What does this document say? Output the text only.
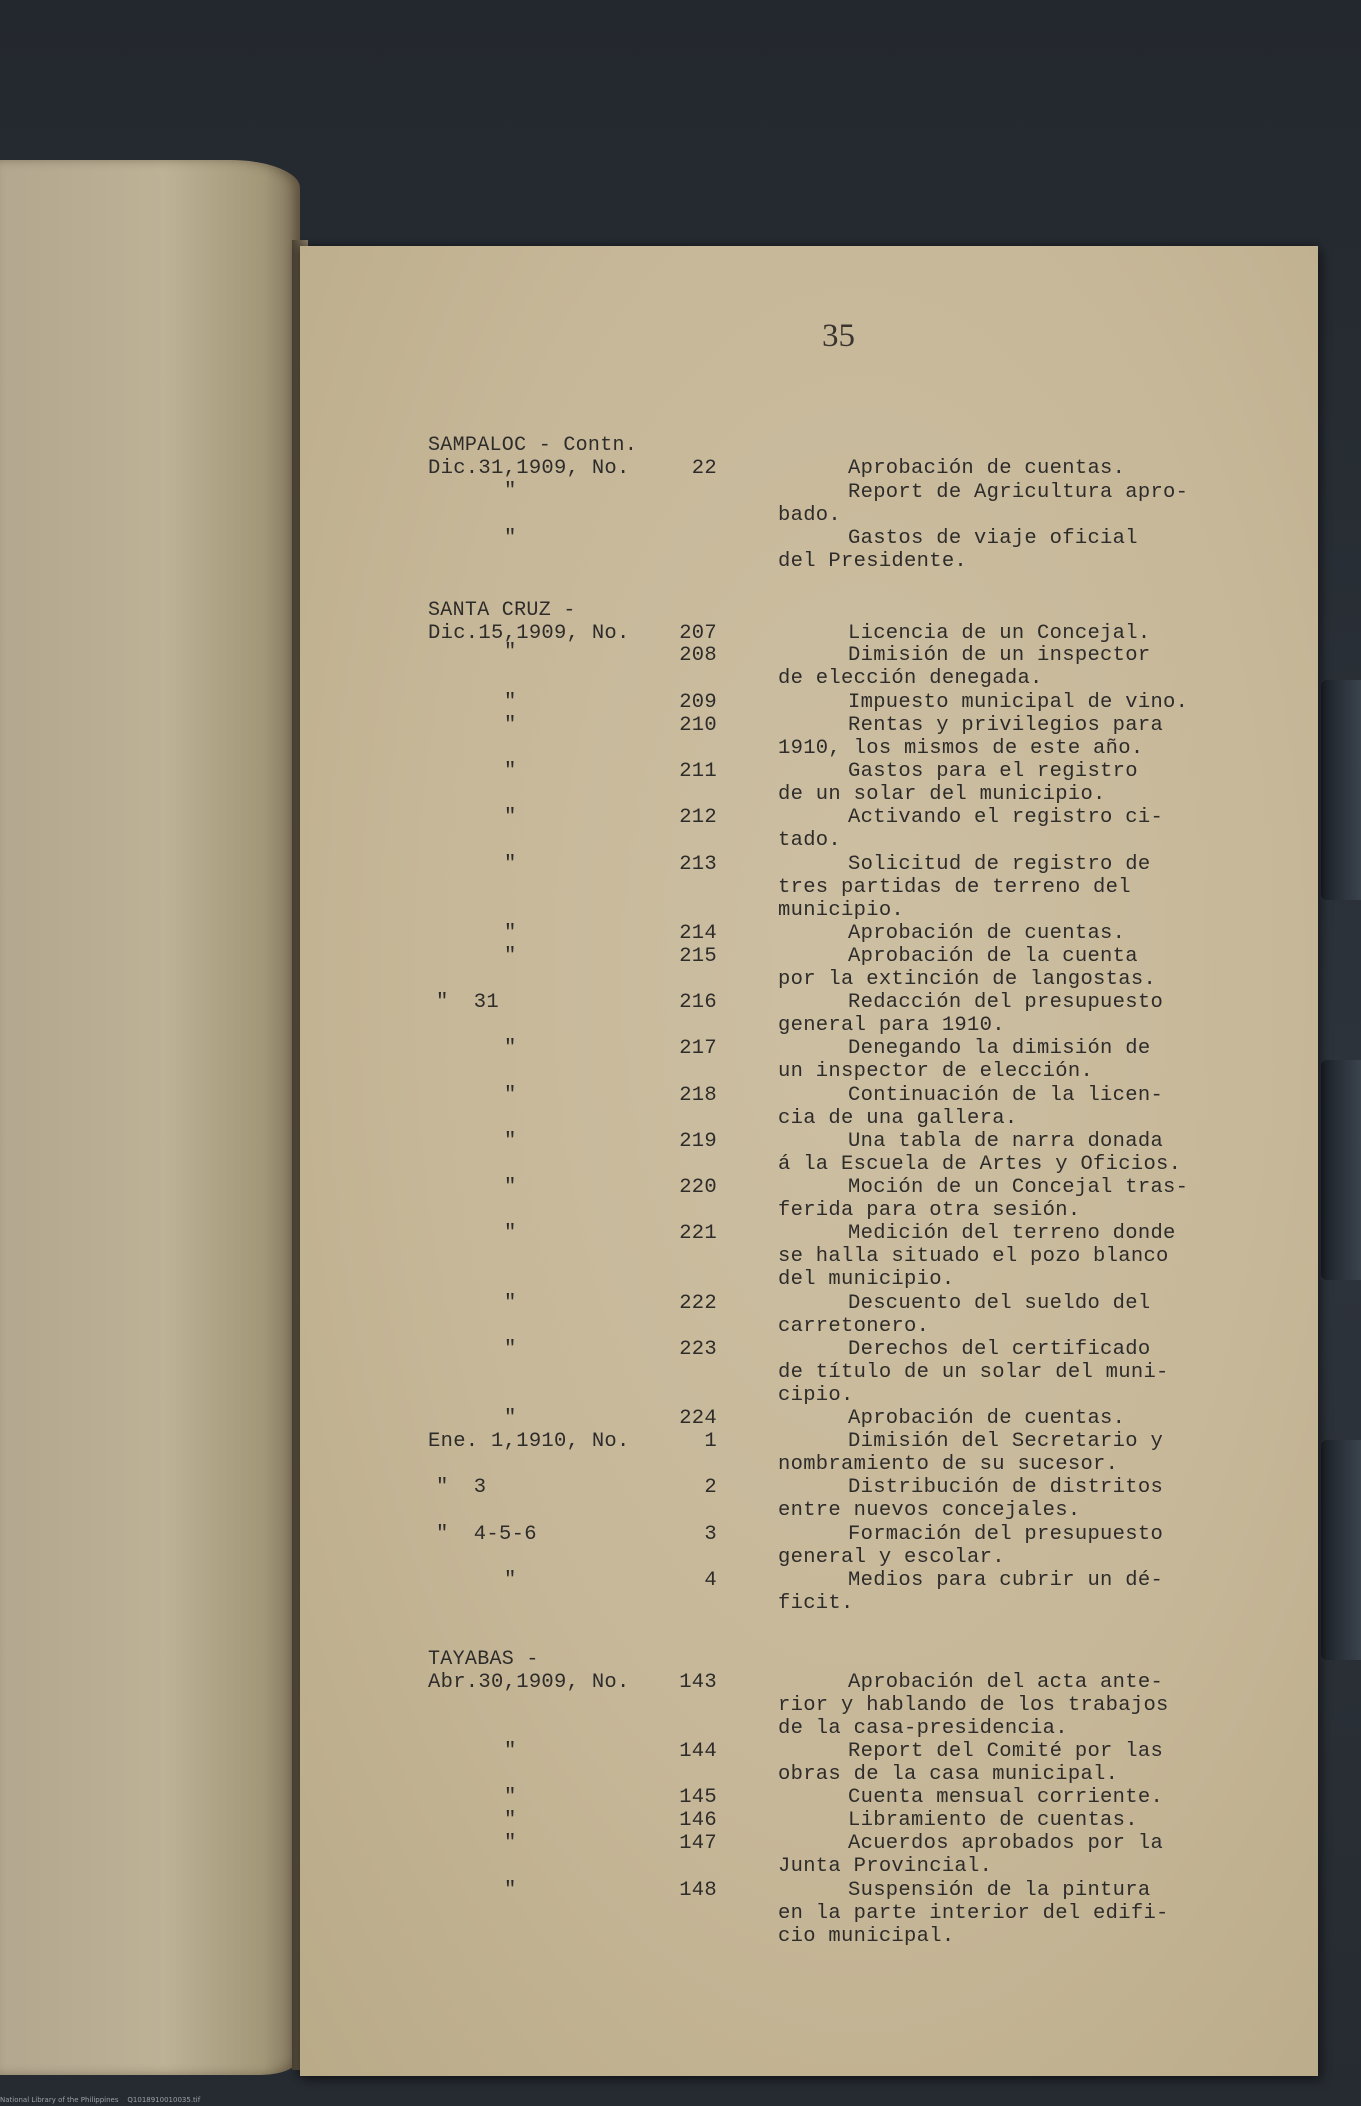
35
SAMPALOC - Contn.
Dic.31,1909, No.	22	Aprobación de cuentas.
"	Report de Agricultura apro-
bado.
"	Gastos de viaje oficial
del Presidente.
SANTA CRUZ -
Dic.15,1909, No.	207	Licencia de un Concejal.
"	208	Dimisión de un inspector
de elección denegada.
"	209	Impuesto municipal de vino.
"	210	Rentas y privilegios para
1910, los mismos de este año.
"	211	Gastos para el registro
de un solar del municipio.
"	212	Activando el registro ci-
tado.
"	213	Solicitud de registro de
tres partidas de terreno del
municipio.
"	214	Aprobación de cuentas.
"	215	Aprobación de la cuenta
por la extinción de langostas.
"  31	216	Redacción del presupuesto
general para 1910.
"	217	Denegando la dimisión de
un inspector de elección.
"	218	Continuación de la licen-
cia de una gallera.
"	219	Una tabla de narra donada
á la Escuela de Artes y Oficios.
"	220	Moción de un Concejal tras-
ferida para otra sesión.
"	221	Medición del terreno donde
se halla situado el pozo blanco
del municipio.
"	222	Descuento del sueldo del
carretonero.
"	223	Derechos del certificado
de título de un solar del muni-
cipio.
"	224	Aprobación de cuentas.
Ene. 1,1910, No.	1	Dimisión del Secretario y
nombramiento de su sucesor.
"  3	2	Distribución de distritos
entre nuevos concejales.
"  4-5-6	3	Formación del presupuesto
general y escolar.
"	4	Medios para cubrir un dé-
ficit.
TAYABAS -
Abr.30,1909, No.	143	Aprobación del acta ante-
rior y hablando de los trabajos
de la casa-presidencia.
"	144	Report del Comité por las
obras de la casa municipal.
"	145	Cuenta mensual corriente.
"	146	Libramiento de cuentas.
"	147	Acuerdos aprobados por la
Junta Provincial.
"	148	Suspensión de la pintura
en la parte interior del edifi-
cio municipal.
National Library of the Philippines Q1018910010035.tif
